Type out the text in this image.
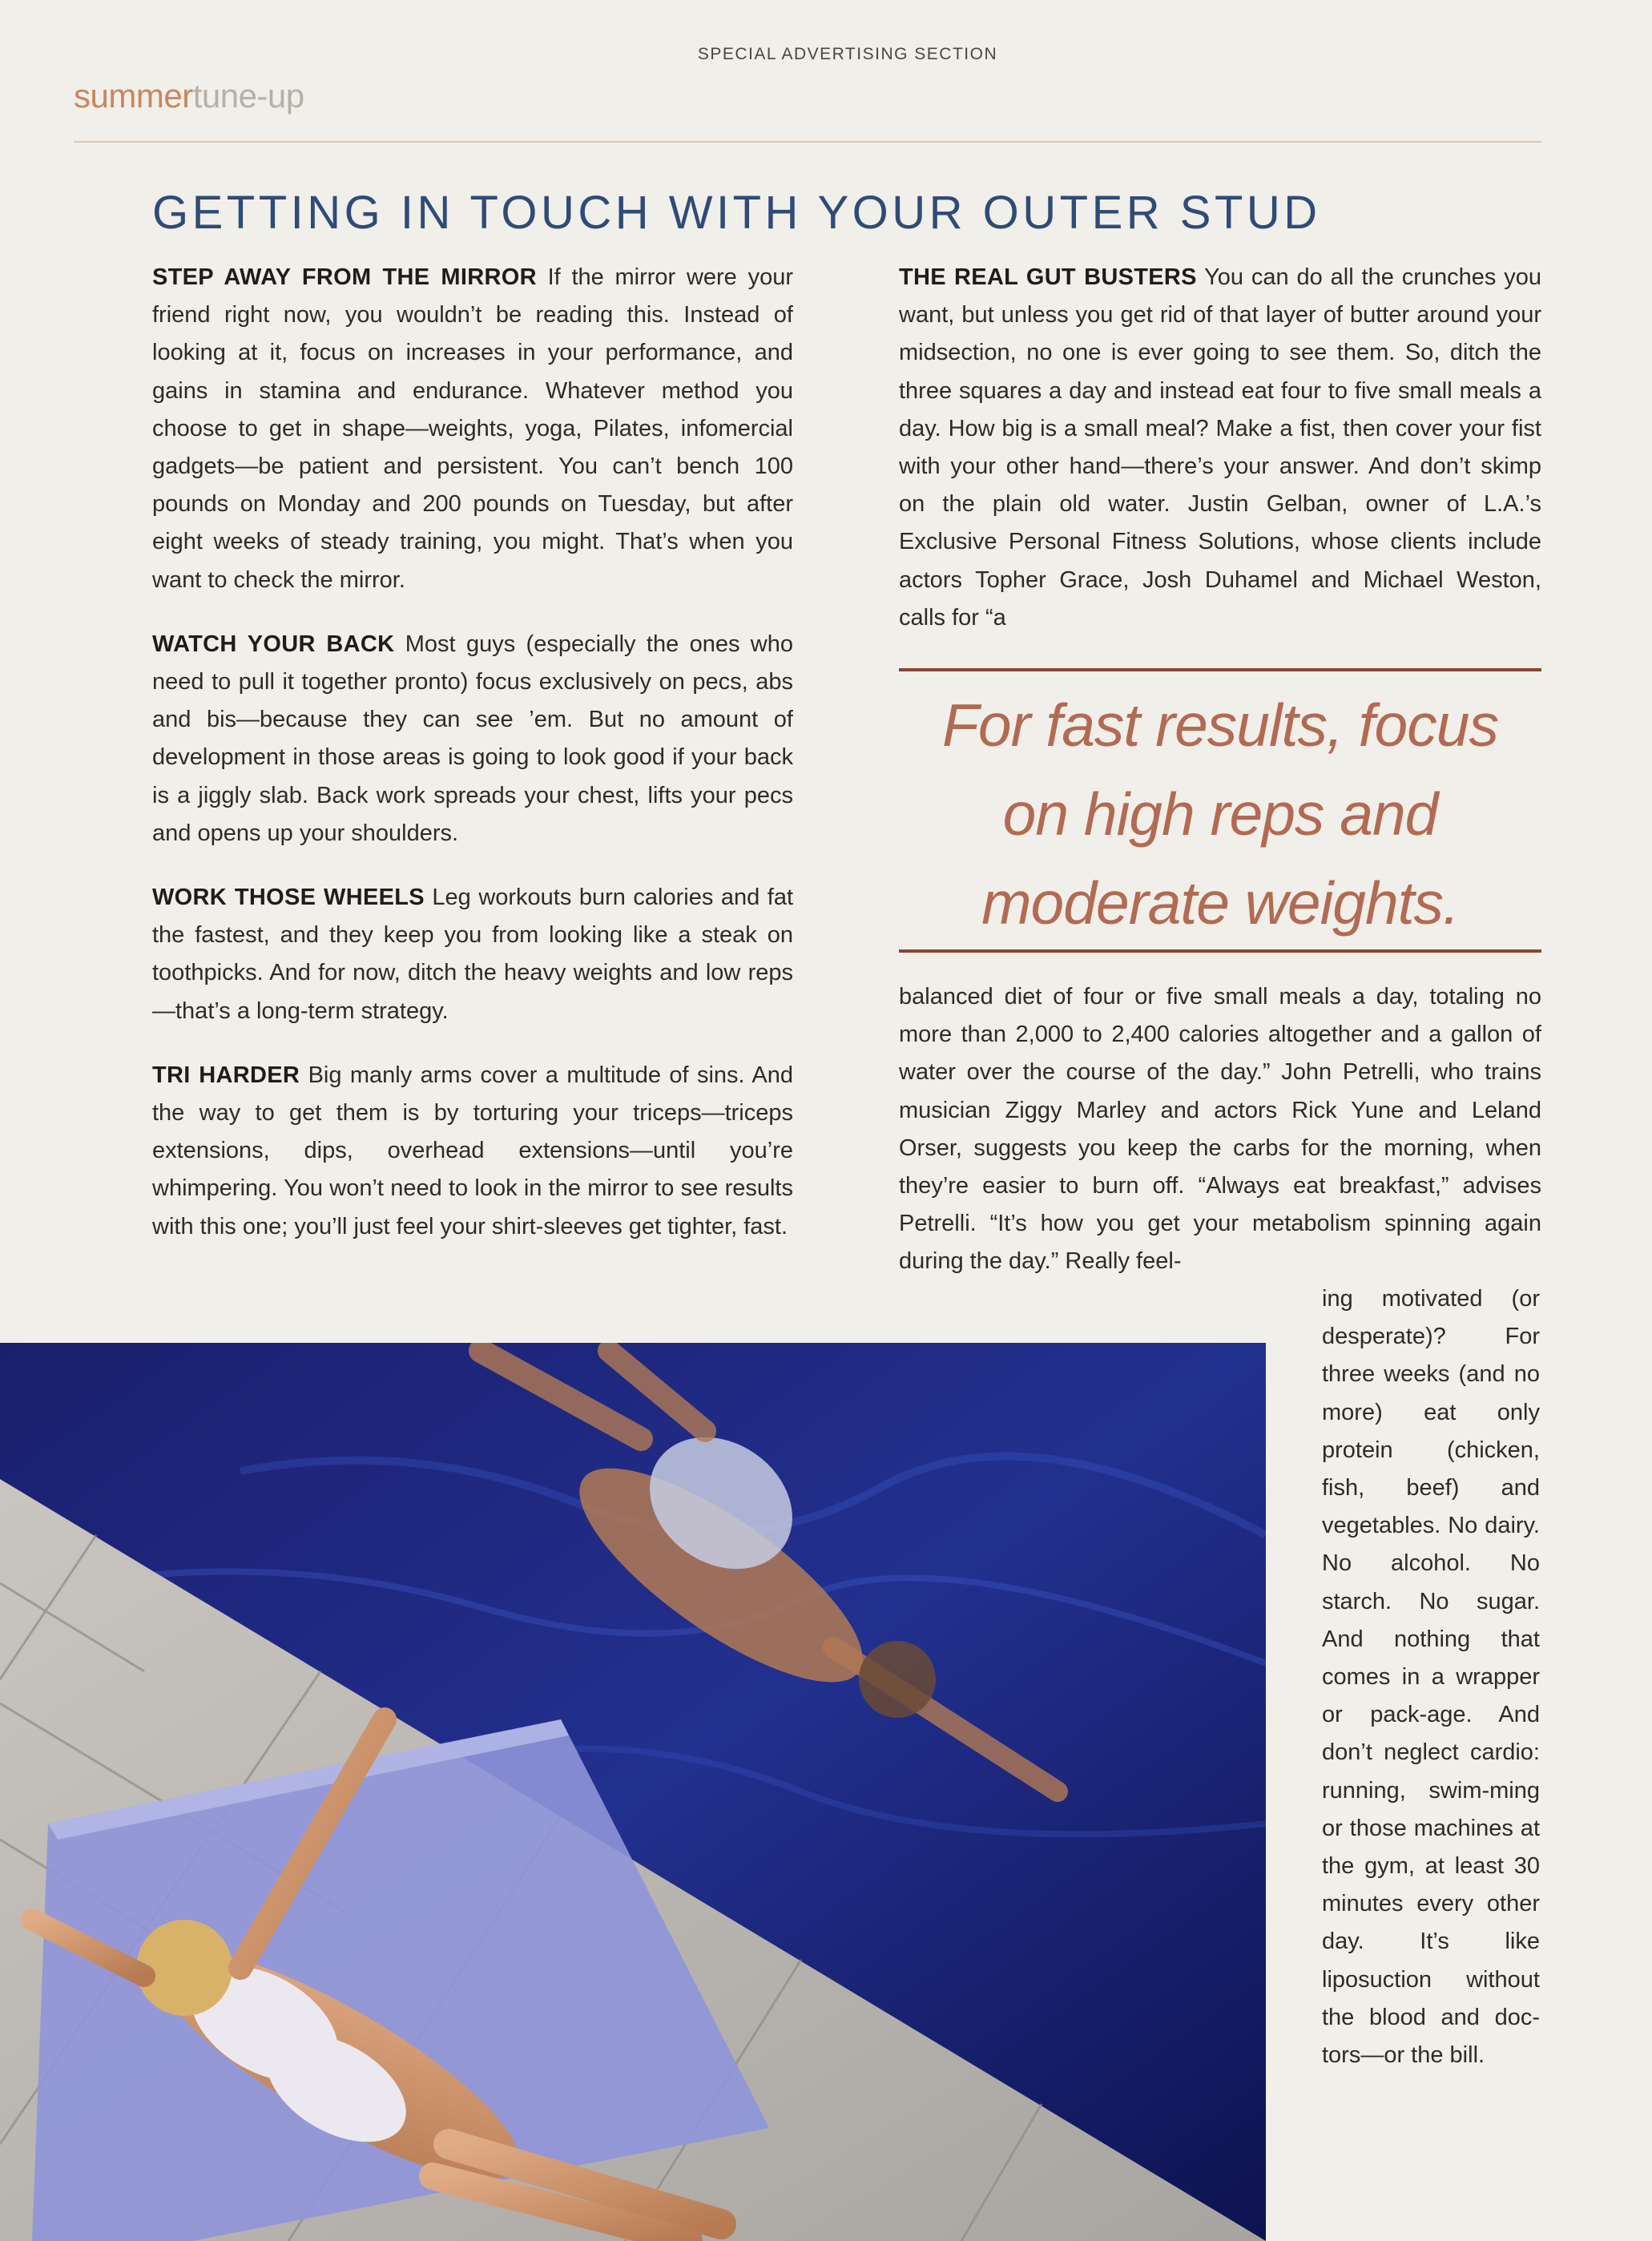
SPECIAL ADVERTISING SECTION
summertune-up
GETTING IN TOUCH WITH YOUR OUTER STUD

STEP AWAY FROM THE MIRROR If the mirror were your friend right now, you wouldn’t be reading this. Instead of looking at it, focus on increases in your performance, and gains in stamina and endurance. Whatever method you choose to get in shape—weights, yoga, Pilates, infomercial gadgets—be patient and persistent. You can’t bench 100 pounds on Monday and 200 pounds on Tuesday, but after eight weeks of steady training, you might. That’s when you want to check the mirror.

WATCH YOUR BACK Most guys (especially the ones who need to pull it together pronto) focus exclusively on pecs, abs and bis—because they can see ’em. But no amount of development in those areas is going to look good if your back is a jiggly slab. Back work spreads your chest, lifts your pecs and opens up your shoulders.

WORK THOSE WHEELS Leg workouts burn calories and fat the fastest, and they keep you from looking like a steak on toothpicks. And for now, ditch the heavy weights and low reps—that’s a long-term strategy.

TRI HARDER Big manly arms cover a multitude of sins. And the way to get them is by torturing your triceps—triceps extensions, dips, overhead extensions—until you’re whimpering. You won’t need to look in the mirror to see results with this one; you’ll just feel your shirt-sleeves get tighter, fast.

THE REAL GUT BUSTERS You can do all the crunches you want, but unless you get rid of that layer of butter around your midsection, no one is ever going to see them. So, ditch the three squares a day and instead eat four to five small meals a day. How big is a small meal? Make a fist, then cover your fist with your other hand—there’s your answer. And don’t skimp on the plain old water. Justin Gelban, owner of L.A.’s Exclusive Personal Fitness Solutions, whose clients include actors Topher Grace, Josh Duhamel and Michael Weston, calls for “a

For fast results, focus
on high reps and
moderate weights.

balanced diet of four or five small meals a day, totaling no more than 2,000 to 2,400 calories altogether and a gallon of water over the course of the day.” John Petrelli, who trains musician Ziggy Marley and actors Rick Yune and Leland Orser, suggests you keep the carbs for the morning, when they’re easier to burn off. “Always eat breakfast,” advises Petrelli. “It’s how you get your metabolism spinning again during the day.” Really feel-

ing motivated (or desperate)? For three weeks (and no more) eat only protein (chicken, fish, beef) and vegetables. No dairy. No alcohol. No starch. No sugar. And nothing that comes in a wrapper or pack-age. And don’t neglect cardio: running, swim-ming or those machines at the gym, at least 30 minutes every other day. It’s like liposuction without the blood and doc-tors—or the bill.
